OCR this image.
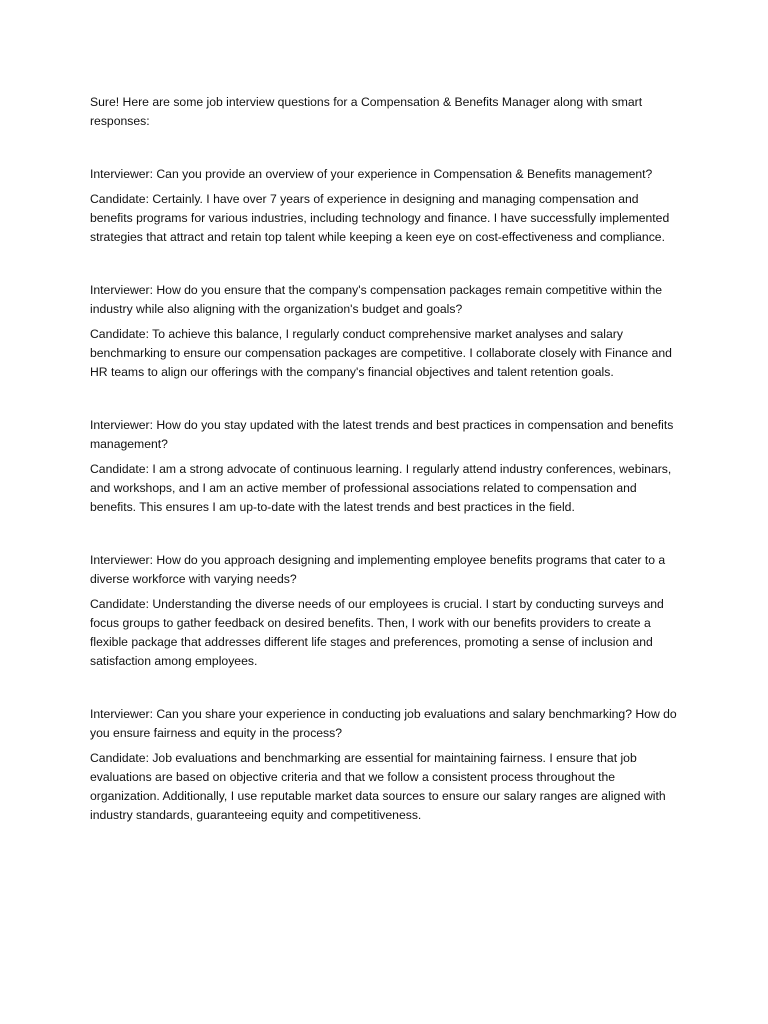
Sure! Here are some job interview questions for a Compensation & Benefits Manager along with smart responses:

Interviewer: Can you provide an overview of your experience in Compensation & Benefits management?

Candidate: Certainly. I have over 7 years of experience in designing and managing compensation and benefits programs for various industries, including technology and finance. I have successfully implemented strategies that attract and retain top talent while keeping a keen eye on cost-effectiveness and compliance.

Interviewer: How do you ensure that the company's compensation packages remain competitive within the industry while also aligning with the organization's budget and goals?

Candidate: To achieve this balance, I regularly conduct comprehensive market analyses and salary benchmarking to ensure our compensation packages are competitive. I collaborate closely with Finance and HR teams to align our offerings with the company's financial objectives and talent retention goals.

Interviewer: How do you stay updated with the latest trends and best practices in compensation and benefits management?

Candidate: I am a strong advocate of continuous learning. I regularly attend industry conferences, webinars, and workshops, and I am an active member of professional associations related to compensation and benefits. This ensures I am up-to-date with the latest trends and best practices in the field.

Interviewer: How do you approach designing and implementing employee benefits programs that cater to a diverse workforce with varying needs?

Candidate: Understanding the diverse needs of our employees is crucial. I start by conducting surveys and focus groups to gather feedback on desired benefits. Then, I work with our benefits providers to create a flexible package that addresses different life stages and preferences, promoting a sense of inclusion and satisfaction among employees.

Interviewer: Can you share your experience in conducting job evaluations and salary benchmarking? How do you ensure fairness and equity in the process?

Candidate: Job evaluations and benchmarking are essential for maintaining fairness. I ensure that job evaluations are based on objective criteria and that we follow a consistent process throughout the organization. Additionally, I use reputable market data sources to ensure our salary ranges are aligned with industry standards, guaranteeing equity and competitiveness.
